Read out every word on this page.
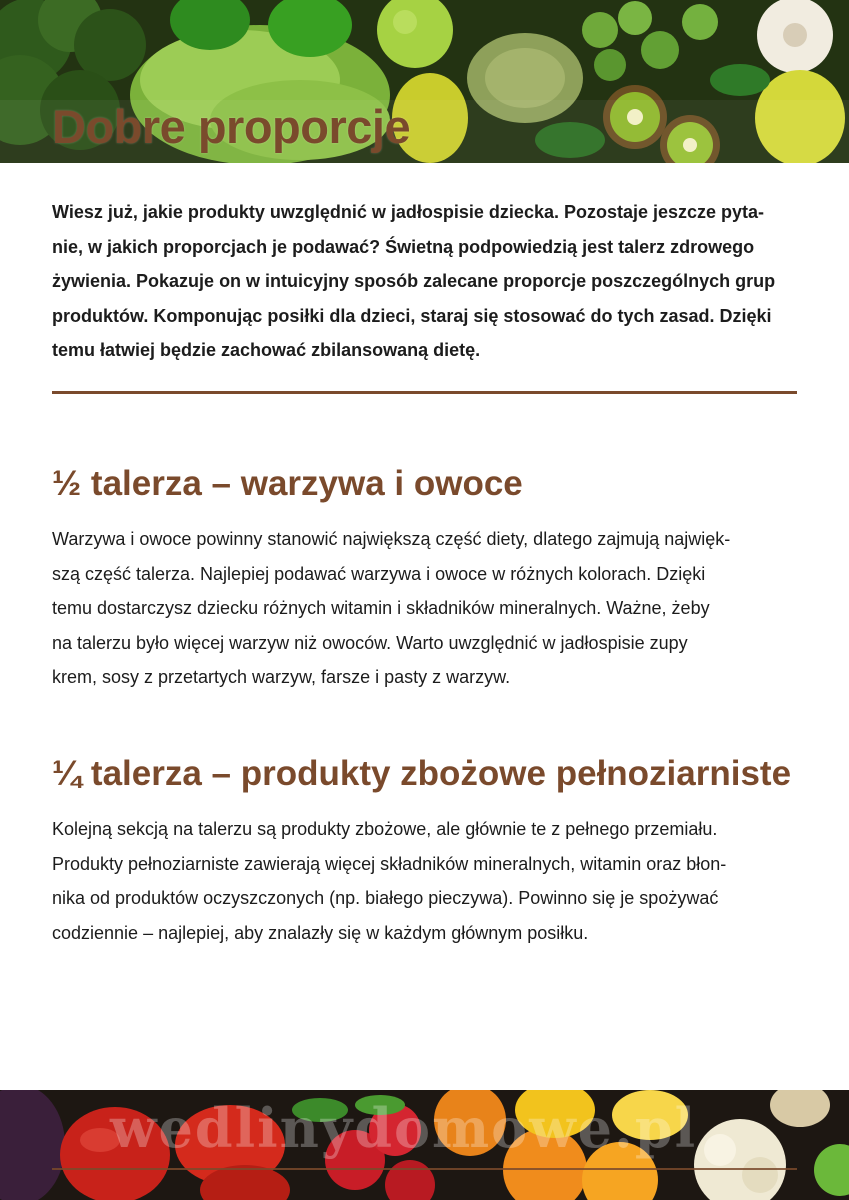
Dobre proporcje

Wiesz już, jakie produkty uwzględnić w jadłospisie dziecka. Pozostaje jeszcze pyta-
nie, w jakich proporcjach je podawać? Świetną podpowiedzią jest talerz zdrowego
żywienia. Pokazuje on w intuicyjny sposób zalecane proporcje poszczególnych grup
produktów. Komponując posiłki dla dzieci, staraj się stosować do tych zasad. Dzięki
temu łatwiej będzie zachować zbilansowaną dietę.

½ talerza – warzywa i owoce

Warzywa i owoce powinny stanowić największą część diety, dlatego zajmują najwięk-
szą część talerza. Najlepiej podawać warzywa i owoce w różnych kolorach. Dzięki
temu dostarczysz dziecku różnych witamin i składników mineralnych. Ważne, żeby
na talerzu było więcej warzyw niż owoców. Warto uwzględnić w jadłospisie zupy
krem, sosy z przetartych warzyw, farsze i pasty z warzyw.

¼ talerza – produkty zbożowe pełnoziarniste

Kolejną sekcją na talerzu są produkty zbożowe, ale głównie te z pełnego przemiału.
Produkty pełnoziarniste zawierają więcej składników mineralnych, witamin oraz błon-
nika od produktów oczyszczonych (np. białego pieczywa). Powinno się je spożywać
codziennie – najlepiej, aby znalazły się w każdym głównym posiłku.

wedlinydomowe.pl
